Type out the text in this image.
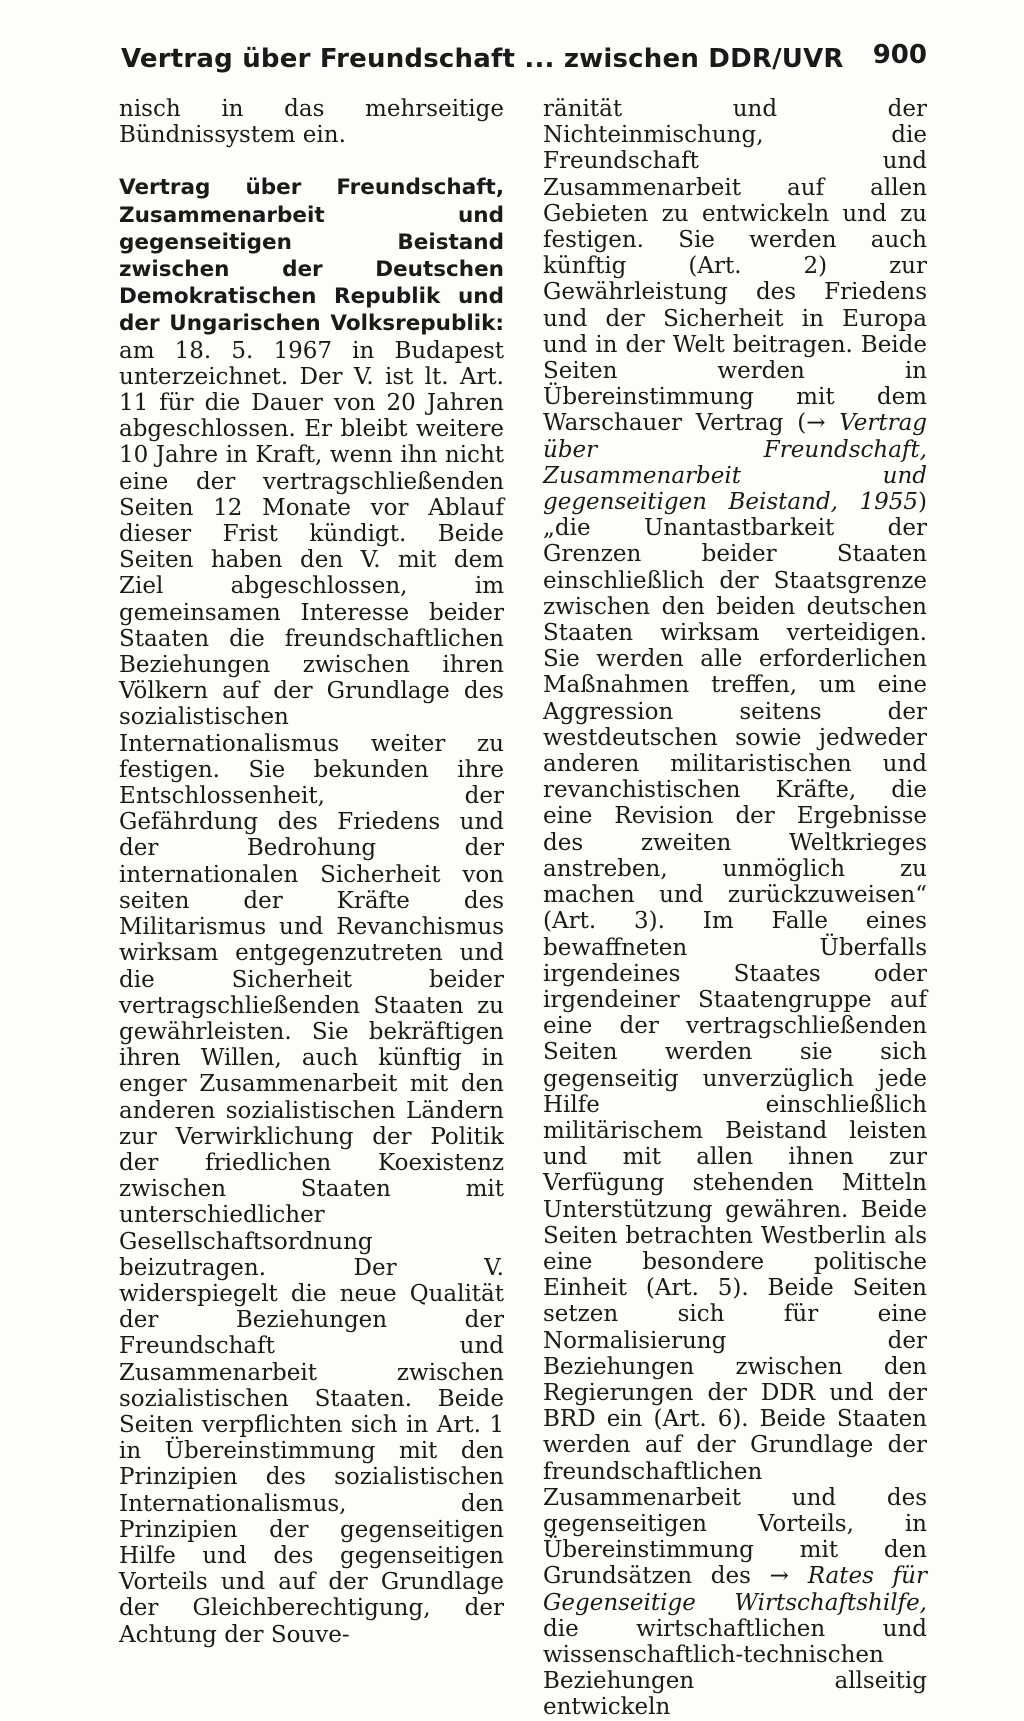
Vertrag über Freundschaft ... zwischen DDR/UVR 900

nisch in das mehrseitige Bündnissystem ein.

Vertrag über Freundschaft, Zusammenarbeit und gegenseitigen Beistand zwischen der Deutschen Demokratischen Republik und der Ungarischen Volksrepublik: am 18. 5. 1967 in Budapest unterzeichnet. Der V. ist lt. Art. 11 für die Dauer von 20 Jahren abgeschlossen. Er bleibt weitere 10 Jahre in Kraft, wenn ihn nicht eine der vertragschließenden Seiten 12 Monate vor Ablauf dieser Frist kündigt. Beide Seiten haben den V. mit dem Ziel abgeschlossen, im gemeinsamen Interesse beider Staaten die freundschaftlichen Beziehungen zwischen ihren Völkern auf der Grundlage des sozialistischen Internationalismus weiter zu festigen. Sie bekunden ihre Entschlossenheit, der Gefährdung des Friedens und der Bedrohung der internationalen Sicherheit von seiten der Kräfte des Militarismus und Revanchismus wirksam entgegenzutreten und die Sicherheit beider vertragschließenden Staaten zu gewährleisten. Sie bekräftigen ihren Willen, auch künftig in enger Zusammenarbeit mit den anderen sozialistischen Ländern zur Verwirklichung der Politik der friedlichen Koexistenz zwischen Staaten mit unterschiedlicher Gesellschaftsordnung beizutragen. Der V. widerspiegelt die neue Qualität der Beziehungen der Freundschaft und Zusammenarbeit zwischen sozialistischen Staaten. Beide Seiten verpflichten sich in Art. 1 in Übereinstimmung mit den Prinzipien des sozialistischen Internationalismus, den Prinzipien der gegenseitigen Hilfe und des gegenseitigen Vorteils und auf der Grundlage der Gleichberechtigung, der Achtung der Souve-

ränität und der Nichteinmischung, die Freundschaft und Zusammenarbeit auf allen Gebieten zu entwickeln und zu festigen. Sie werden auch künftig (Art. 2) zur Gewährleistung des Friedens und der Sicherheit in Europa und in der Welt beitragen. Beide Seiten werden in Übereinstimmung mit dem Warschauer Vertrag (→ Vertrag über Freundschaft, Zusammenarbeit und gegenseitigen Beistand, 1955) „die Unantastbarkeit der Grenzen beider Staaten einschließlich der Staatsgrenze zwischen den beiden deutschen Staaten wirksam verteidigen. Sie werden alle erforderlichen Maßnahmen treffen, um eine Aggression seitens der westdeutschen sowie jedweder anderen militaristischen und revanchistischen Kräfte, die eine Revision der Ergebnisse des zweiten Weltkrieges anstreben, unmöglich zu machen und zurückzuweisen“ (Art. 3). Im Falle eines bewaffneten Überfalls irgendeines Staates oder irgendeiner Staatengruppe auf eine der vertragschließenden Seiten werden sie sich gegenseitig unverzüglich jede Hilfe einschließlich militärischem Beistand leisten und mit allen ihnen zur Verfügung stehenden Mitteln Unterstützung gewähren. Beide Seiten betrachten Westberlin als eine besondere politische Einheit (Art. 5). Beide Seiten setzen sich für eine Normalisierung der Beziehungen zwischen den Regierungen der DDR und der BRD ein (Art. 6). Beide Staaten werden auf der Grundlage der freundschaftlichen Zusammenarbeit und des gegenseitigen Vorteils, in Übereinstimmung mit den Grundsätzen des → Rates für Gegenseitige Wirtschaftshilfe, die wirtschaftlichen und wissenschaftlich-technischen Beziehungen allseitig entwickeln
